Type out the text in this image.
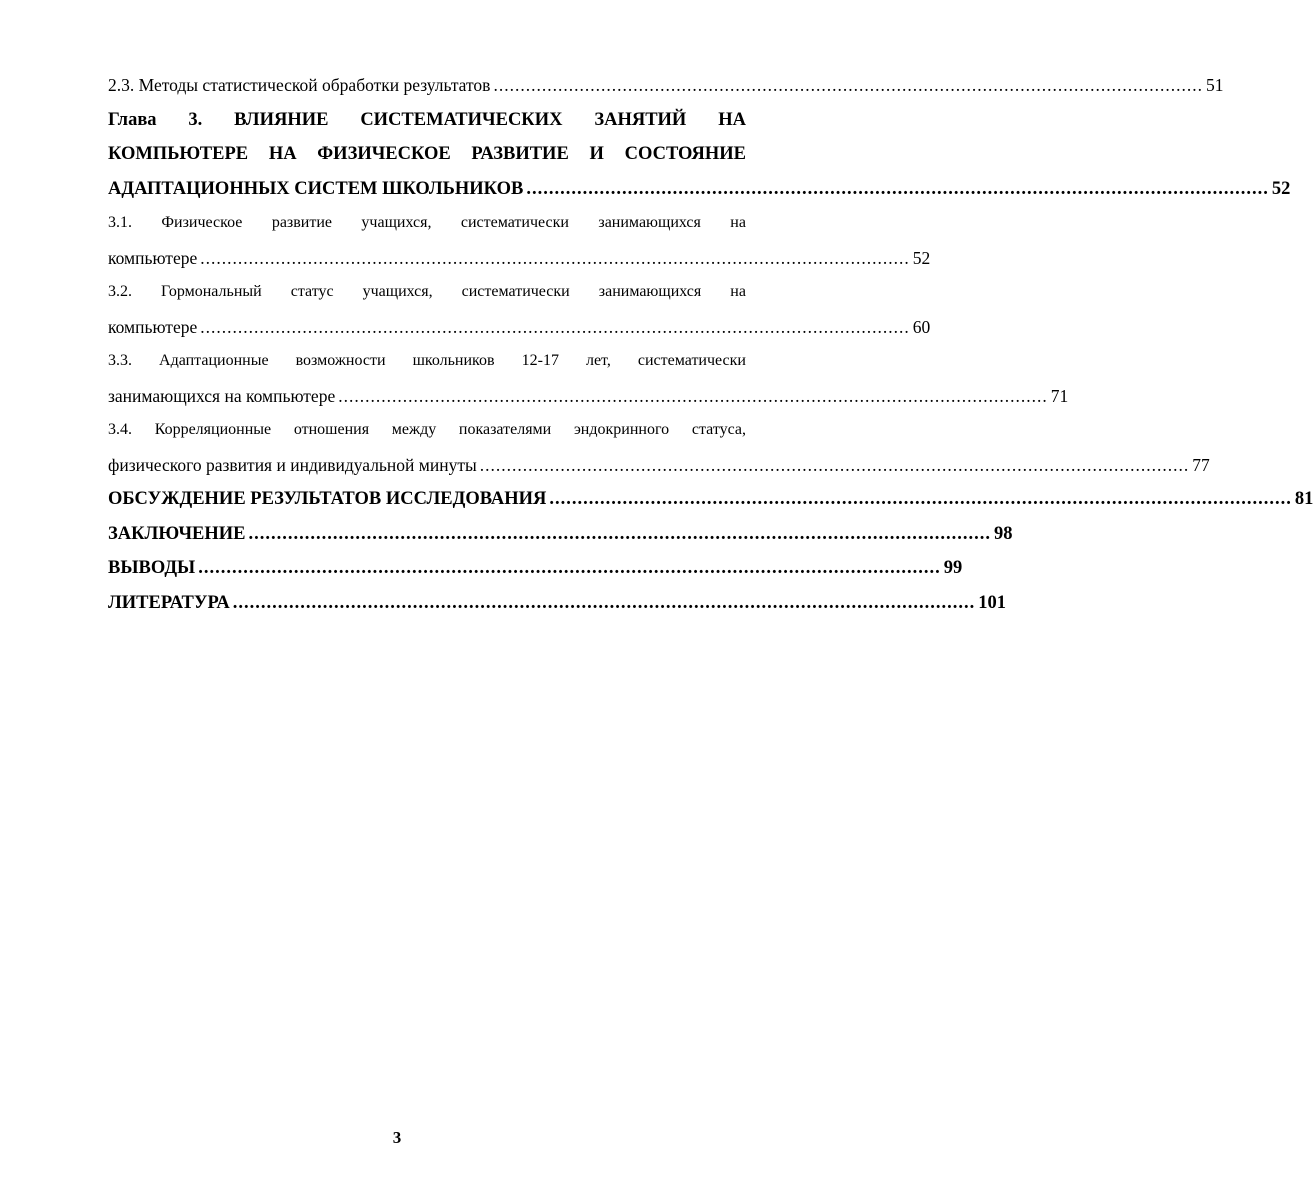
2.3. Методы статистической обработки результатов .................................................................................................................................... 51
Глава 3. ВЛИЯНИЕ СИСТЕМАТИЧЕСКИХ ЗАНЯТИЙ НА
КОМПЬЮТЕРЕ НА ФИЗИЧЕСКОЕ РАЗВИТИЕ И СОСТОЯНИЕ
АДАПТАЦИОННЫХ СИСТЕМ ШКОЛЬНИКОВ .................................................................................................................................... 52
3.1. Физическое развитие учащихся, систематически занимающихся на
компьютере .................................................................................................................................... 52
3.2. Гормональный статус учащихся, систематически занимающихся на
компьютере .................................................................................................................................... 60
3.3. Адаптационные возможности школьников 12-17 лет, систематически
занимающихся на компьютере .................................................................................................................................... 71
3.4. Корреляционные отношения между показателями эндокринного статуса,
физического развития и индивидуальной минуты .................................................................................................................................... 77
ОБСУЖДЕНИЕ РЕЗУЛЬТАТОВ ИССЛЕДОВАНИЯ .................................................................................................................................... 81
ЗАКЛЮЧЕНИЕ .................................................................................................................................... 98
ВЫВОДЫ .................................................................................................................................... 99
ЛИТЕРАТУРА .................................................................................................................................... 101
3
